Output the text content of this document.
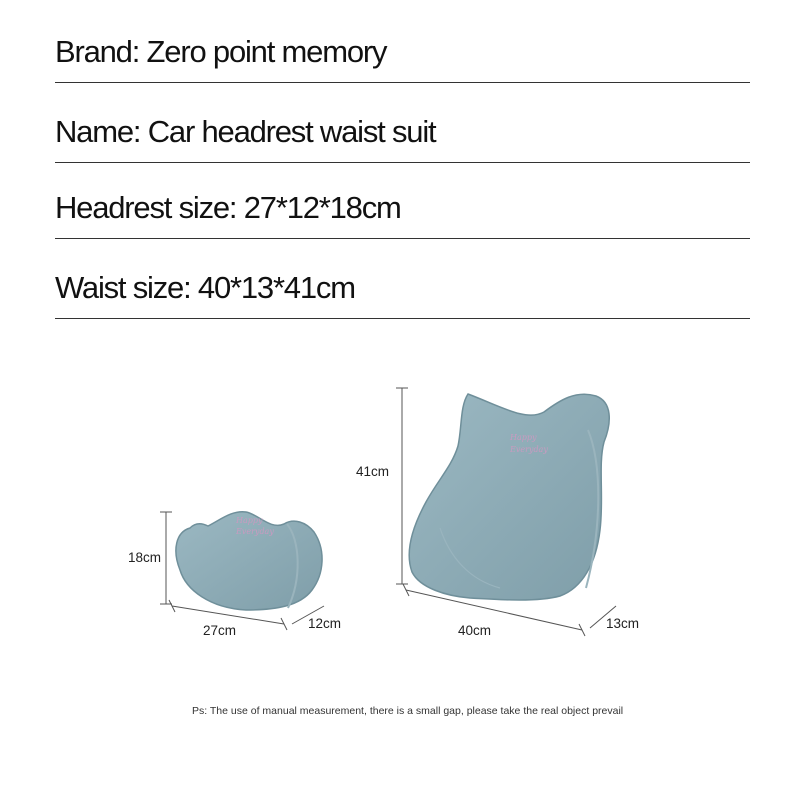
Brand: Zero point memory
Name: Car headrest waist suit
Headrest size: 27*12*18cm
Waist size: 40*13*41cm
Happy
Everyday
Happy
Everyday
18cm
27cm	12cm
41cm
40cm	13cm
Ps: The use of manual measurement, there is a small gap, please take the real object prevail
